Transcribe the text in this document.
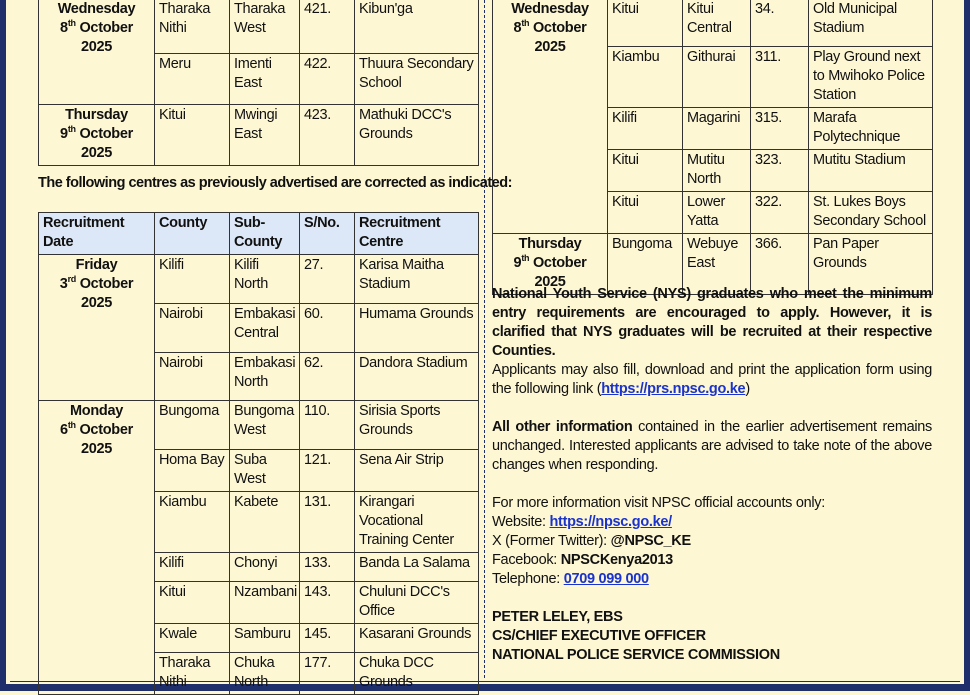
Wednesday
8th October 2025	Tharaka Nithi	Tharaka West	421.	Kibun'ga
	Meru	Imenti East	422.	Thuura Secondary School

Thursday
9th October 2025	Kitui	Mwingi East	423.	Mathuki DCC's Grounds
The following centres as previously advertised are corrected as indicated:
Recruitment Date	County	Sub-County	S/No.	Recruitment Centre

Friday
3rd October 2025	Kilifi	Kilifi North	27.	Karisa Maitha Stadium
	Nairobi	Embakasi Central	60.	Humama Grounds
	Nairobi	Embakasi North	62.	Dandora Stadium

Monday
6th October 2025	Bungoma	Bungoma West	110.	Sirisia Sports Grounds
	Homa Bay	Suba West	121.	Sena Air Strip
	Kiambu	Kabete	131.	Kirangari Vocational Training Center
	Kilifi	Chonyi	133.	Banda La Salama
	Kitui	Nzambani	143.	Chuluni DCC's Office
	Kwale	Samburu	145.	Kasarani Grounds
	Tharaka Nithi	Chuka North	177.	Chuka DCC Grounds
Wednesday
8th October 2025	Kitui	Kitui Central	34.	Old Municipal Stadium
	Kiambu	Githurai	311.	Play Ground next to Mwihoko Police Station
	Kilifi	Magarini	315.	Marafa Polytechnique
	Kitui	Mutitu North	323.	Mutitu Stadium
	Kitui	Lower Yatta	322.	St. Lukes Boys Secondary School

Thursday
9th October 2025	Bungoma	Webuye East	366.	Pan Paper Grounds
National Youth Service (NYS) graduates who meet the minimum entry requirements are encouraged to apply. However, it is clarified that NYS graduates will be recruited at their respective Counties.
Applicants may also fill, download and print the application form using the following link (https://prs.npsc.go.ke)
All other information contained in the earlier advertisement remains unchanged. Interested applicants are advised to take note of the above changes when responding.
For more information visit NPSC official accounts only:
Website: https://npsc.go.ke/
X (Former Twitter): @NPSC_KE
Facebook: NPSCKenya2013
Telephone: 0709 099 000
PETER LELEY, EBS
CS/CHIEF EXECUTIVE OFFICER
NATIONAL POLICE SERVICE COMMISSION
